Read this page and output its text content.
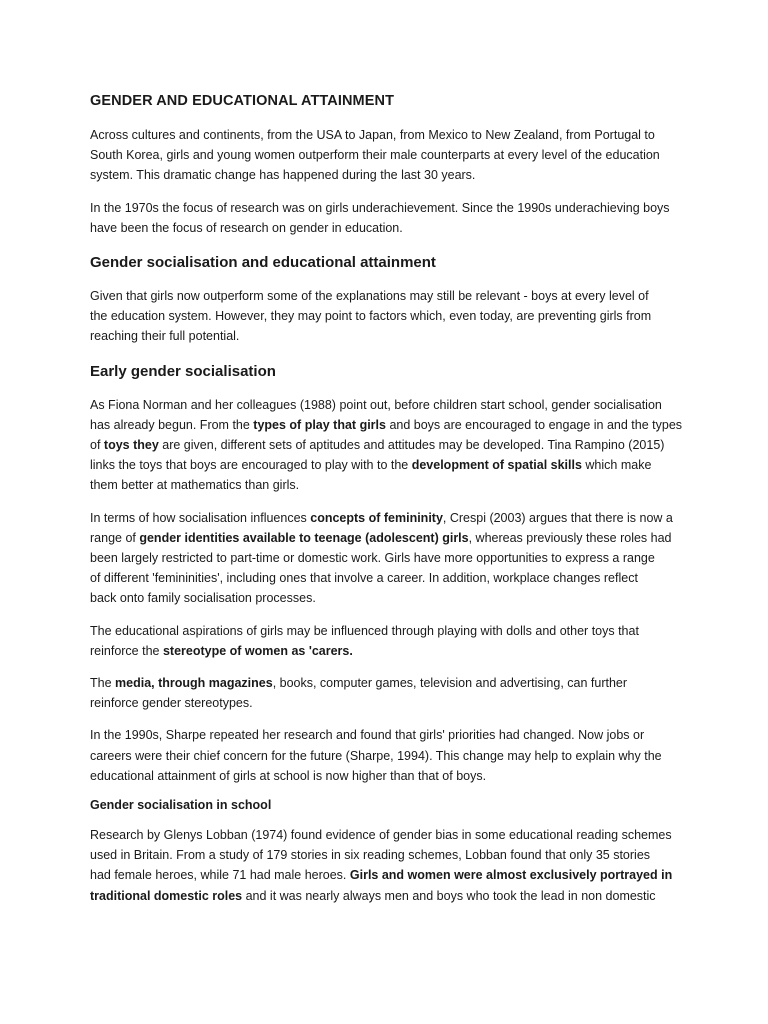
GENDER AND EDUCATIONAL ATTAINMENT
Across cultures and continents, from the USA to Japan, from Mexico to New Zealand, from Portugal to
South Korea, girls and young women outperform their male counterparts at every level of the education
system. This dramatic change has happened during the last 30 years.
In the 1970s the focus of research was on girls underachievement. Since the 1990s underachieving boys
have been the focus of research on gender in education.
Gender socialisation and educational attainment
Given that girls now outperform some of the explanations may still be relevant - boys at every level of
the education system. However, they may point to factors which, even today, are preventing girls from
reaching their full potential.
Early gender socialisation
As Fiona Norman and her colleagues (1988) point out, before children start school, gender socialisation
has already begun. From the types of play that girls and boys are encouraged to engage in and the types
of toys they are given, different sets of aptitudes and attitudes may be developed. Tina Rampino (2015)
links the toys that boys are encouraged to play with to the development of spatial skills which make
them better at mathematics than girls.
In terms of how socialisation influences concepts of femininity, Crespi (2003) argues that there is now a
range of gender identities available to teenage (adolescent) girls, whereas previously these roles had
been largely restricted to part-time or domestic work. Girls have more opportunities to express a range
of different 'femininities', including ones that involve a career. In addition, workplace changes reflect
back onto family socialisation processes.
The educational aspirations of girls may be influenced through playing with dolls and other toys that
reinforce the stereotype of women as 'carers.
The media, through magazines, books, computer games, television and advertising, can further
reinforce gender stereotypes.
In the 1990s, Sharpe repeated her research and found that girls' priorities had changed. Now jobs or
careers were their chief concern for the future (Sharpe, 1994). This change may help to explain why the
educational attainment of girls at school is now higher than that of boys.
Gender socialisation in school
Research by Glenys Lobban (1974) found evidence of gender bias in some educational reading schemes
used in Britain. From a study of 179 stories in six reading schemes, Lobban found that only 35 stories
had female heroes, while 71 had male heroes. Girls and women were almost exclusively portrayed in
traditional domestic roles and it was nearly always men and boys who took the lead in non domestic
